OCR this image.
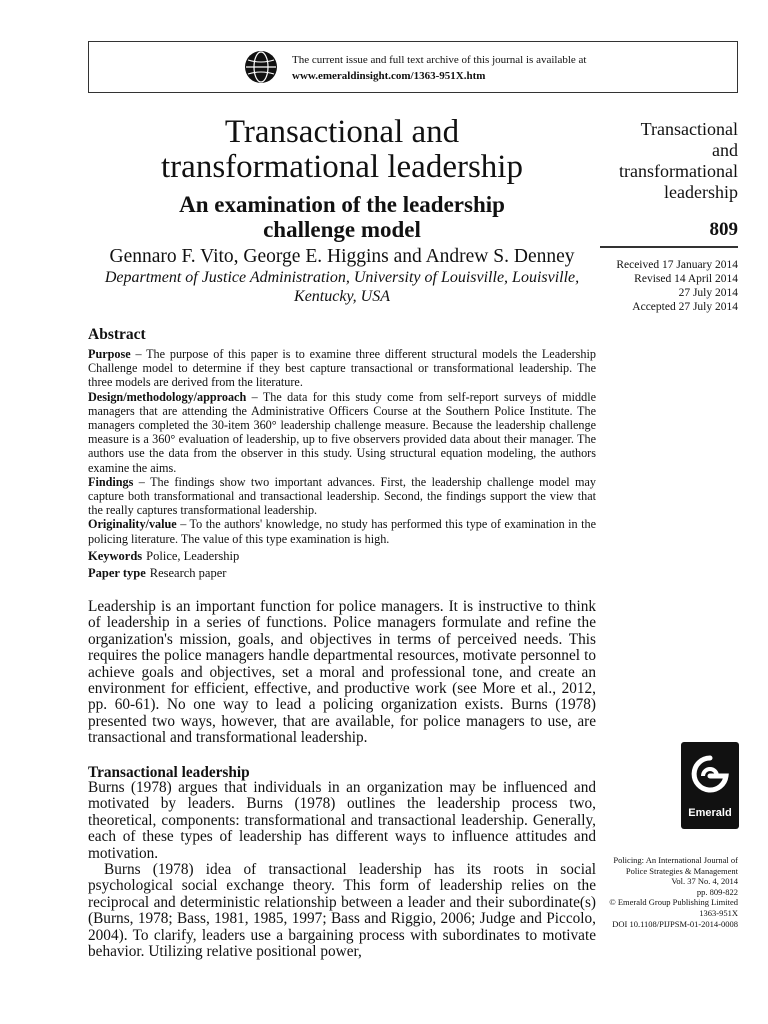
The current issue and full text archive of this journal is available at
www.emeraldinsight.com/1363-951X.htm
Transactional and
transformational leadership
An examination of the leadership
challenge model
Gennaro F. Vito, George E. Higgins and Andrew S. Denney
Department of Justice Administration, University of Louisville, Louisville,
Kentucky, USA
Transactional
and
transformational
leadership
809
Received 17 January 2014
Revised 14 April 2014
27 July 2014
Accepted 27 July 2014
Abstract

Purpose – The purpose of this paper is to examine three different structural models the Leadership Challenge model to determine if they best capture transactional or transformational leadership. The three models are derived from the literature.

Design/methodology/approach – The data for this study come from self-report surveys of middle managers that are attending the Administrative Officers Course at the Southern Police Institute. The managers completed the 30-item 360° leadership challenge measure. Because the leadership challenge measure is a 360° evaluation of leadership, up to five observers provided data about their manager. The authors use the data from the observer in this study. Using structural equation modeling, the authors examine the aims.

Findings – The findings show two important advances. First, the leadership challenge model may capture both transformational and transactional leadership. Second, the findings support the view that the really captures transformational leadership.

Originality/value – To the authors' knowledge, no study has performed this type of examination in the policing literature. The value of this type examination is high.

Keywords Police, Leadership
Paper type Research paper

Leadership is an important function for police managers. It is instructive to think of leadership in a series of functions. Police managers formulate and refine the organization's mission, goals, and objectives in terms of perceived needs. This requires the police managers handle departmental resources, motivate personnel to achieve goals and objectives, set a moral and professional tone, and create an environment for efficient, effective, and productive work (see More et al., 2012, pp. 60-61). No one way to lead a policing organization exists. Burns (1978) presented two ways, however, that are available, for police managers to use, are transactional and transformational leadership.

Transactional leadership

Burns (1978) argues that individuals in an organization may be influenced and motivated by leaders. Burns (1978) outlines the leadership process two, theoretical, components: transformational and transactional leadership. Generally, each of these types of leadership has different ways to influence attitudes and motivation.

Burns (1978) idea of transactional leadership has its roots in social psychological social exchange theory. This form of leadership relies on the reciprocal and deterministic relationship between a leader and their subordinate(s) (Burns, 1978; Bass, 1981, 1985, 1997; Bass and Riggio, 2006; Judge and Piccolo, 2004). To clarify, leaders use a bargaining process with subordinates to motivate behavior. Utilizing relative positional power,

Emerald
Policing: An International Journal of
Police Strategies & Management
Vol. 37 No. 4, 2014
pp. 809-822
© Emerald Group Publishing Limited
1363-951X
DOI 10.1108/PIJPSM-01-2014-0008
